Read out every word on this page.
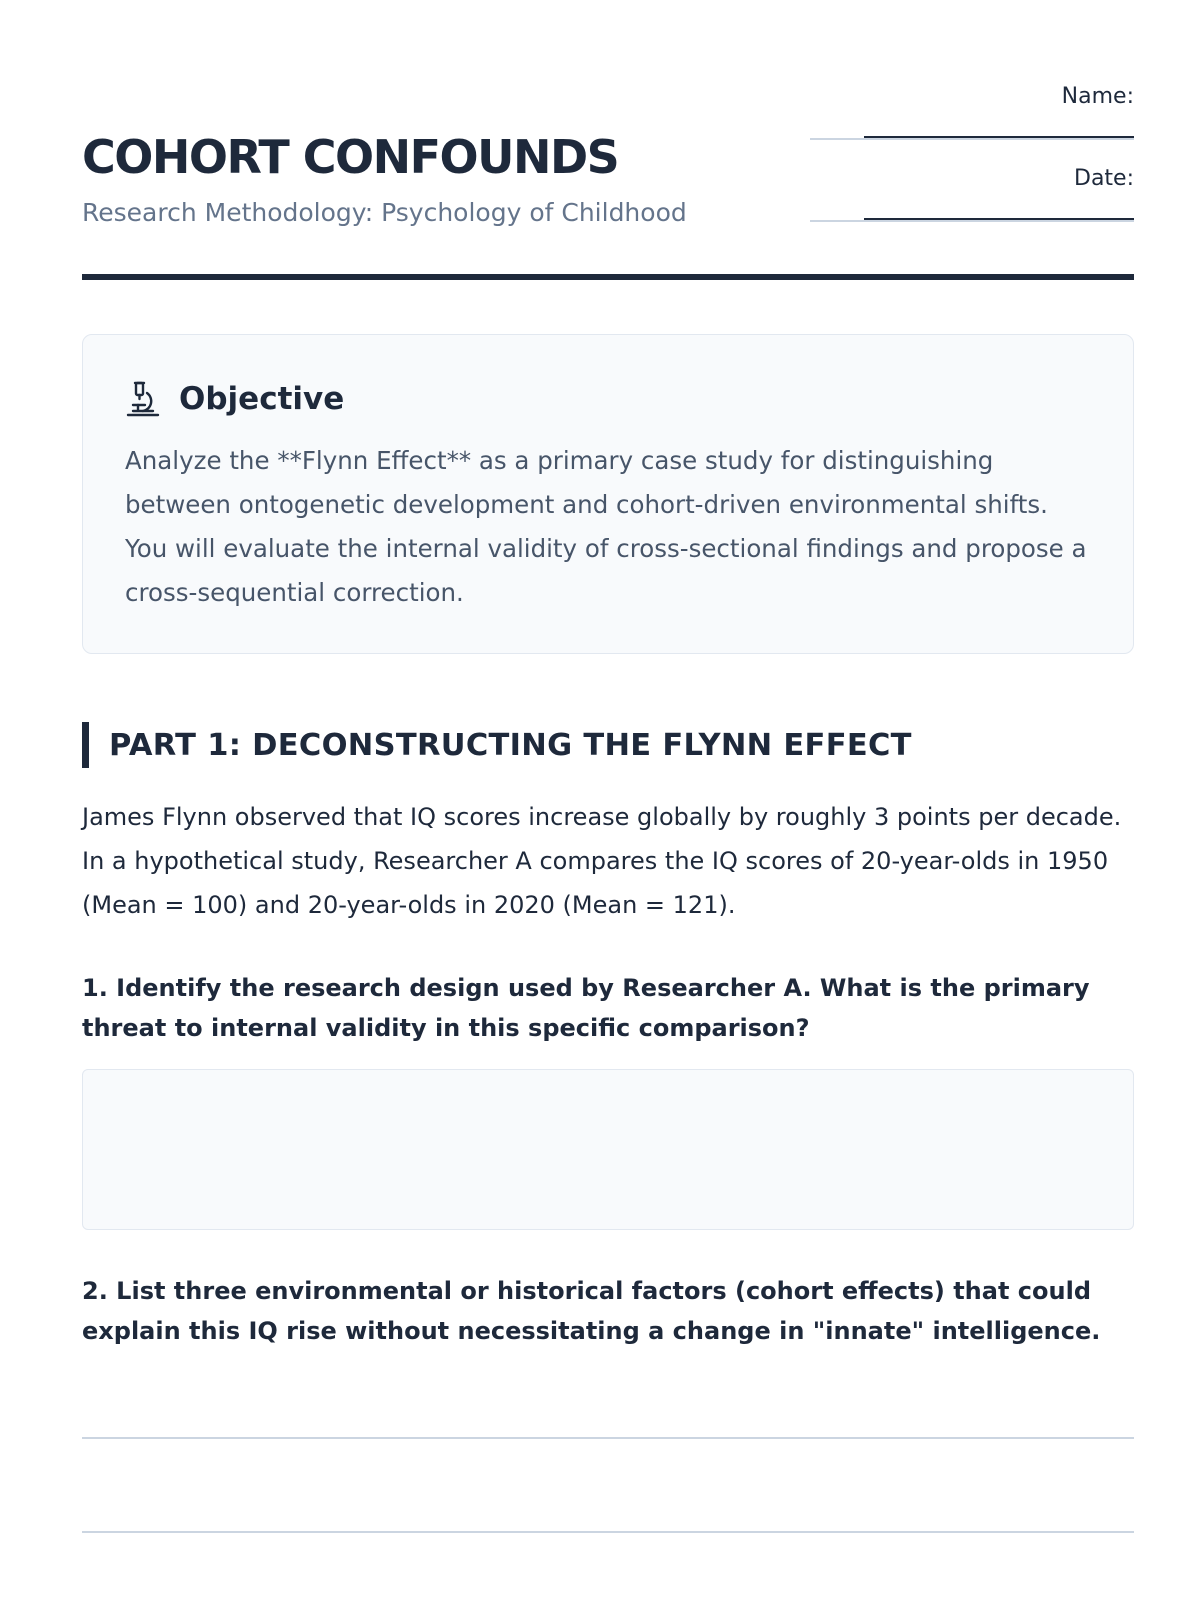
COHORT CONFOUNDS
Research Methodology: Psychology of Childhood
Name:
Date:
Objective

Analyze the **Flynn Effect** as a primary case study for distinguishing between ontogenetic development and cohort-driven environmental shifts. You will evaluate the internal validity of cross-sectional findings and propose a cross-sequential correction.

PART 1: DECONSTRUCTING THE FLYNN EFFECT

James Flynn observed that IQ scores increase globally by roughly 3 points per decade. In a hypothetical study, Researcher A compares the IQ scores of 20-year-olds in 1950 (Mean = 100) and 20-year-olds in 2020 (Mean = 121).

1. Identify the research design used by Researcher A. What is the primary threat to internal validity in this specific comparison?

2. List three environmental or historical factors (cohort effects) that could explain this IQ rise without necessitating a change in "innate" intelligence.
